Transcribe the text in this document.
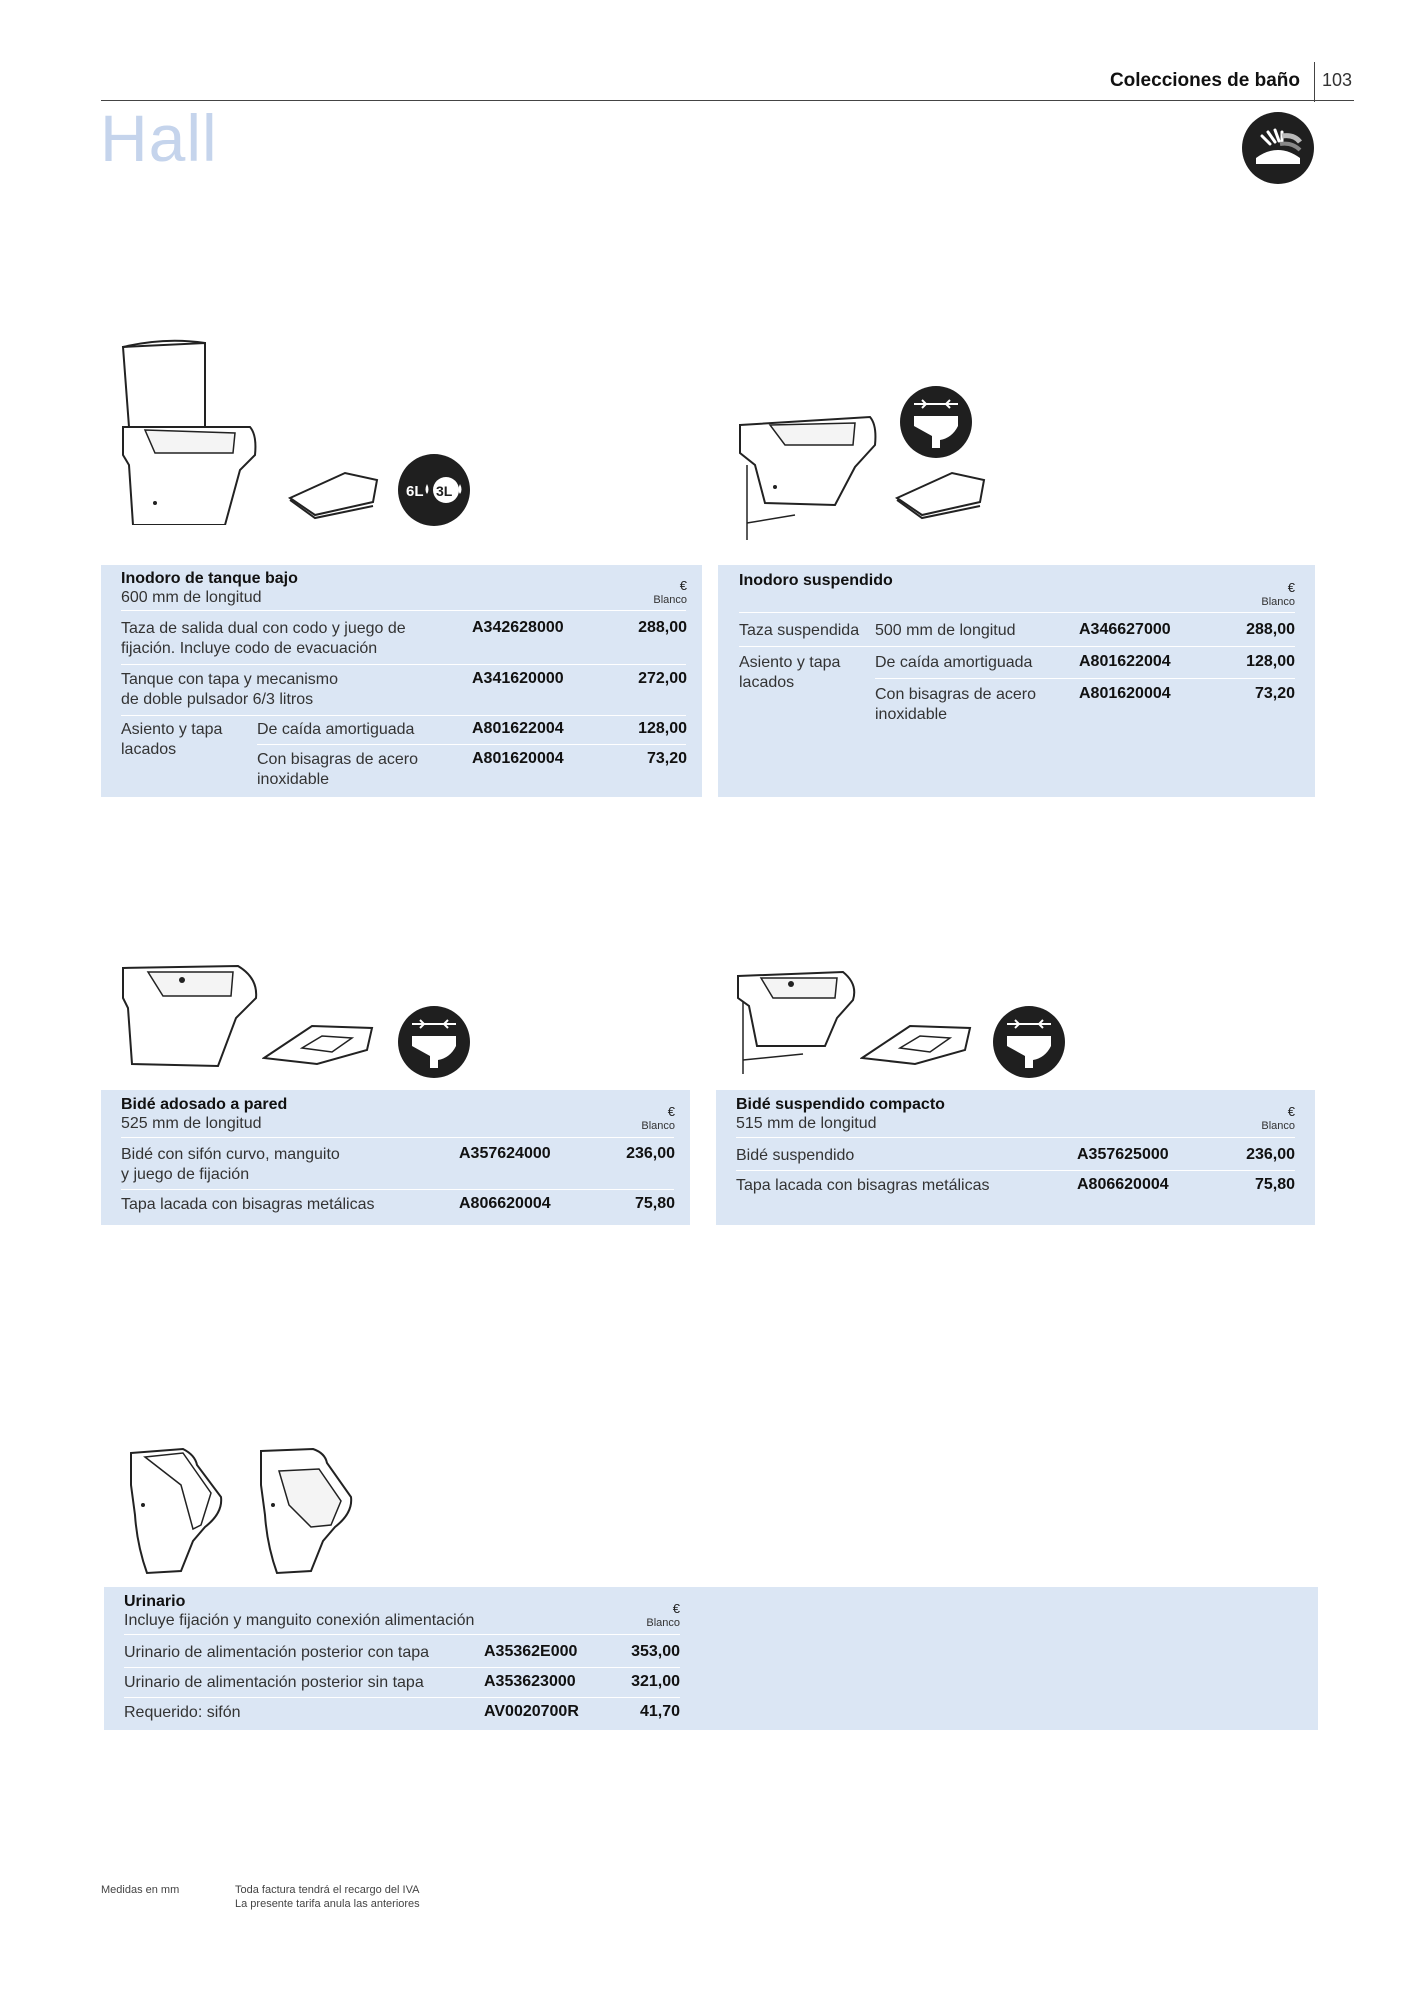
Colecciones de baño 103
Hall
6L 3L
Inodoro de tanque bajo
600 mm de longitud
€
Blanco
Taza de salida dual con codo y juego de
fijación. Incluye codo de evacuación
A342628000	288,00
Tanque con tapa y mecanismo
de doble pulsador 6/3 litros
A341620000	272,00
Asiento y tapa
lacados
De caída amortiguada	A801622004	128,00
Con bisagras de acero
inoxidable
A801620004	73,20
Inodoro suspendido	€
Blanco
Taza suspendida 500 mm de longitud	A346627000	288,00
Asiento y tapa
lacados
De caída amortiguada	A801622004	128,00
Con bisagras de acero
inoxidable
A801620004	73,20
Bidé adosado a pared
525 mm de longitud
€
Blanco
Bidé con sifón curvo, manguito
y juego de fijación
A357624000	236,00
Tapa lacada con bisagras metálicas	A806620004	75,80
Bidé suspendido compacto
515 mm de longitud
€
Blanco
Bidé suspendido	A357625000	236,00
Tapa lacada con bisagras metálicas	A806620004	75,80
Urinario
Incluye fijación y manguito conexión alimentación
€
Blanco
Urinario de alimentación posterior con tapa	A35362E000	353,00
Urinario de alimentación posterior sin tapa	A353623000	321,00
Requerido: sifón	AV0020700R	41,70
Medidas en mm	Toda factura tendrá el recargo del IVA
La presente tarifa anula las anteriores
